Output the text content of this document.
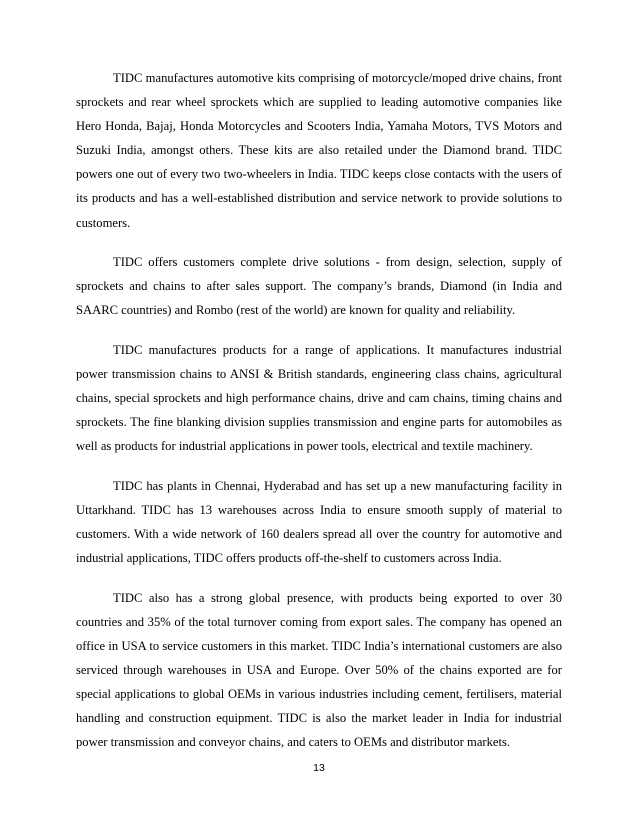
TIDC manufactures automotive kits comprising of motorcycle/moped drive chains, front sprockets and rear wheel sprockets which are supplied to leading automotive companies like Hero Honda, Bajaj, Honda Motorcycles and Scooters India, Yamaha Motors, TVS Motors and Suzuki India, amongst others. These kits are also retailed under the Diamond brand. TIDC powers one out of every two two-wheelers in India. TIDC keeps close contacts with the users of its products and has a well-established distribution and service network to provide solutions to customers.

TIDC offers customers complete drive solutions - from design, selection, supply of sprockets and chains to after sales support. The company’s brands, Diamond (in India and SAARC countries) and Rombo (rest of the world) are known for quality and reliability.

TIDC manufactures products for a range of applications. It manufactures industrial power transmission chains to ANSI & British standards, engineering class chains, agricultural chains, special sprockets and high performance chains, drive and cam chains, timing chains and sprockets. The fine blanking division supplies transmission and engine parts for automobiles as well as products for industrial applications in power tools, electrical and textile machinery.

TIDC has plants in Chennai, Hyderabad and has set up a new manufacturing facility in Uttarkhand. TIDC has 13 warehouses across India to ensure smooth supply of material to customers. With a wide network of 160 dealers spread all over the country for automotive and industrial applications, TIDC offers products off-the-shelf to customers across India.

TIDC also has a strong global presence, with products being exported to over 30 countries and 35% of the total turnover coming from export sales. The company has opened an office in USA to service customers in this market. TIDC India’s international customers are also serviced through warehouses in USA and Europe. Over 50% of the chains exported are for special applications to global OEMs in various industries including cement, fertilisers, material handling and construction equipment. TIDC is also the market leader in India for industrial power transmission and conveyor chains, and caters to OEMs and distributor markets.

13
